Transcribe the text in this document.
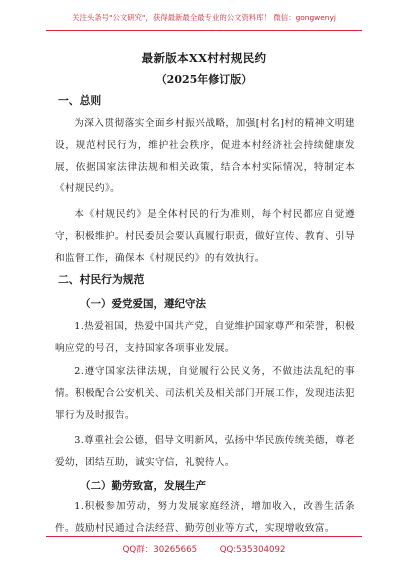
关注头条号"公文研究"，获得最新最全最专业的公文资料库！ 微信：gongwenyj
最新版本XX村村规民约
（2025年修订版）
一、总则

为深入贯彻落实全面乡村振兴战略，加强[村名]村的精神文明建设，规范村民行为，维护社会秩序，促进本村经济社会持续健康发展，依据国家法律法规和相关政策，结合本村实际情况，特制定本《村规民约》。

本《村规民约》是全体村民的行为准则，每个村民都应自觉遵守，积极维护。村民委员会要认真履行职责，做好宣传、教育、引导和监督工作，确保本《村规民约》的有效执行。

二、村民行为规范
（一）爱党爱国，遵纪守法

1.热爱祖国，热爱中国共产党，自觉维护国家尊严和荣誉，积极响应党的号召，支持国家各项事业发展。

2.遵守国家法律法规，自觉履行公民义务，不做违法乱纪的事情。积极配合公安机关、司法机关及相关部门开展工作，发现违法犯罪行为及时报告。

3.尊重社会公德，倡导文明新风，弘扬中华民族传统美德，尊老爱幼，团结互助，诚实守信，礼貌待人。

（二）勤劳致富，发展生产

1.积极参加劳动，努力发展家庭经济，增加收入，改善生活条件。鼓励村民通过合法经营、勤劳创业等方式，实现增收致富。

QQ群：30265665	QQ:535304092
